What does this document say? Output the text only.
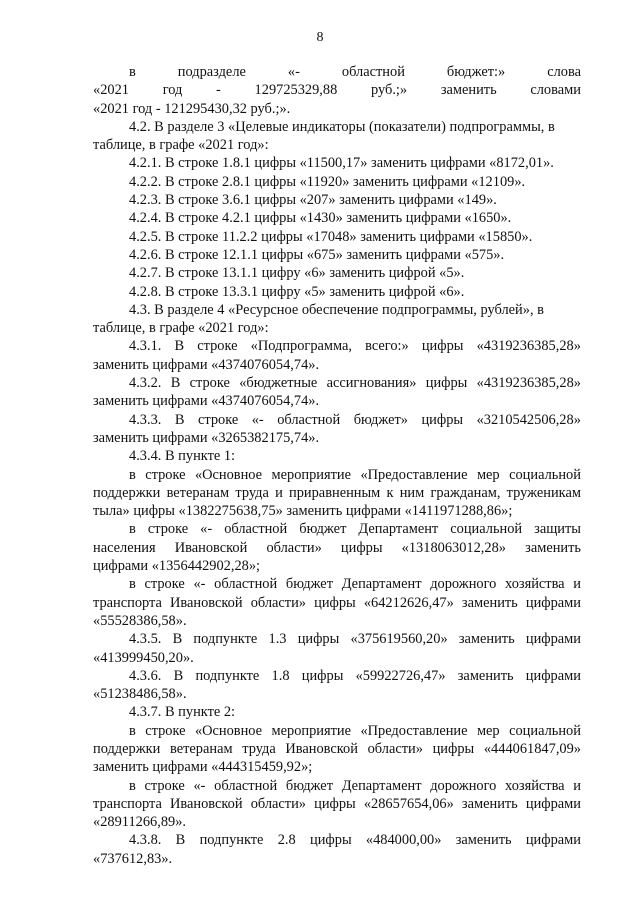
8
в	подразделе	«-	областной	бюджет:»	слова
«2021 год - 129725329,88 руб.;» заменить словами
«2021 год - 121295430,32 руб.;».
4.2. В разделе 3 «Целевые индикаторы (показатели) подпрограммы, в
таблице, в графе «2021 год»:
4.2.1. В строке 1.8.1 цифры «11500,17» заменить цифрами «8172,01».
4.2.2. В строке 2.8.1 цифры «11920» заменить цифрами «12109».
4.2.3. В строке 3.6.1 цифры «207» заменить цифрами «149».
4.2.4. В строке 4.2.1 цифры «1430» заменить цифрами «1650».
4.2.5. В строке 11.2.2 цифры «17048» заменить цифрами «15850».
4.2.6. В строке 12.1.1 цифры «675» заменить цифрами «575».
4.2.7. В строке 13.1.1 цифру «6» заменить цифрой «5».
4.2.8. В строке 13.3.1 цифру «5» заменить цифрой «6».
4.3. В разделе 4 «Ресурсное обеспечение подпрограммы, рублей», в
таблице, в графе «2021 год»:
4.3.1. В строке «Подпрограмма, всего:» цифры «4319236385,28»
заменить цифрами «4374076054,74».
4.3.2. В строке «бюджетные ассигнования» цифры «4319236385,28»
заменить цифрами «4374076054,74».
4.3.3. В строке «- областной бюджет» цифры «3210542506,28»
заменить цифрами «3265382175,74».
4.3.4. В пункте 1:
в строке «Основное мероприятие «Предоставление мер социальной
поддержки ветеранам труда и приравненным к ним гражданам, труженикам
тыла» цифры «1382275638,75» заменить цифрами «1411971288,86»;
в строке «- областной бюджет Департамент социальной защиты
населения Ивановской области» цифры «1318063012,28» заменить
цифрами «1356442902,28»;
в строке «- областной бюджет Департамент дорожного хозяйства и
транспорта Ивановской области» цифры «64212626,47» заменить цифрами
«55528386,58».
4.3.5. В подпункте 1.3 цифры «375619560,20» заменить цифрами
«413999450,20».
4.3.6. В подпункте 1.8 цифры «59922726,47» заменить цифрами
«51238486,58».
4.3.7. В пункте 2:
в строке «Основное мероприятие «Предоставление мер социальной
поддержки ветеранам труда Ивановской области» цифры «444061847,09»
заменить цифрами «444315459,92»;
в строке «- областной бюджет Департамент дорожного хозяйства и
транспорта Ивановской области» цифры «28657654,06» заменить цифрами
«28911266,89».
4.3.8. В подпункте 2.8 цифры «484000,00» заменить цифрами
«737612,83».
